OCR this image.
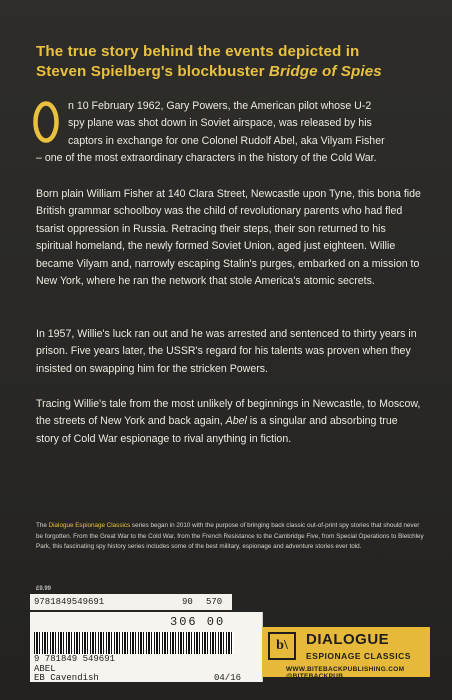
The true story behind the events depicted in
Steven Spielberg's blockbuster Bridge of Spies
n 10 February 1962, Gary Powers, the American pilot whose U-2
spy plane was shot down in Soviet airspace, was released by his
captors in exchange for one Colonel Rudolf Abel, aka Vilyam Fisher
– one of the most extraordinary characters in the history of the Cold War.
Born plain William Fisher at 140 Clara Street, Newcastle upon Tyne, this bona fide British grammar schoolboy was the child of revolutionary parents who had fled tsarist oppression in Russia. Retracing their steps, their son returned to his spiritual homeland, the newly formed Soviet Union, aged just eighteen. Willie became Vilyam and, narrowly escaping Stalin's purges, embarked on a mission to New York, where he ran the network that stole America's atomic secrets.
In 1957, Willie's luck ran out and he was arrested and sentenced to thirty years in prison. Five years later, the USSR's regard for his talents was proven when they insisted on swapping him for the stricken Powers.
Tracing Willie's tale from the most unlikely of beginnings in Newcastle, to Moscow, the streets of New York and back again, Abel is a singular and absorbing true story of Cold War espionage to rival anything in fiction.
The Dialogue Espionage Classics series began in 2010 with the purpose of bringing back classic out-of-print spy stories that should never be forgotten. From the Great War to the Cold War, from the French Resistance to the Cambridge Five, from Special Operations to Bletchley Park, this fascinating spy history series includes some of the best military, espionage and adventure stories ever told.
£9.99
9781849549691	90 570
306 00
9 781849 549691
ABEL
EB Cavendish	04/16
b\	DIALOGUE
ESPIONAGE CLASSICS
WWW.BITEBACKPUBLISHING.COM @BITEBACKPUB
